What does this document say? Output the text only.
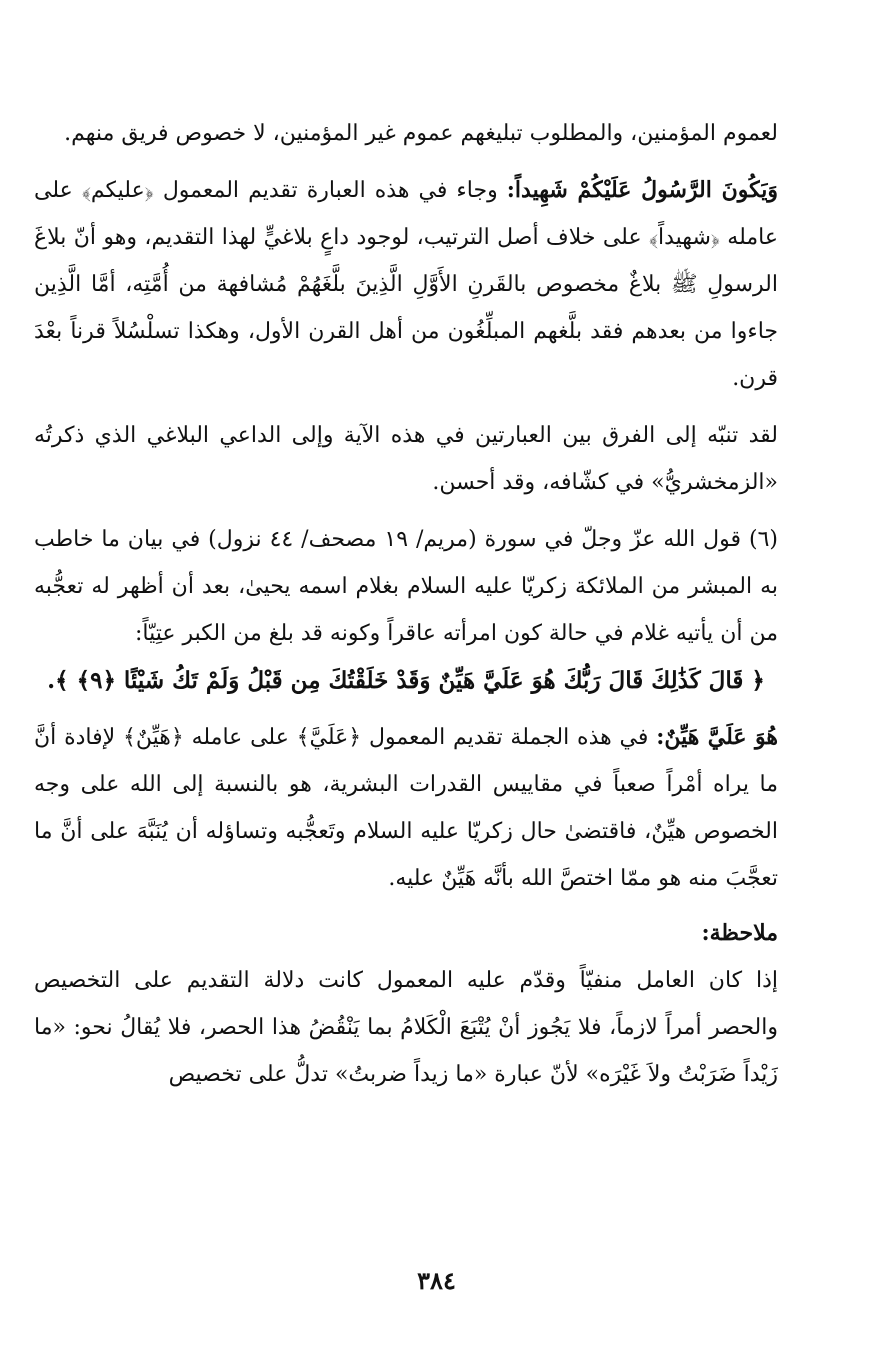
لعموم المؤمنين، والمطلوب تبليغهم عموم غير المؤمنين، لا خصوص فريق منهم.

وَيَكُونَ الرَّسُولُ عَلَيْكُمْ شَهِيداً: وجاء في هذه العبارة تقديم المعمول ﴿عليكم﴾ على عامله ﴿شهيداً﴾ على خلاف أصل الترتيب، لوجود داعٍ بلاغيٍّ لهذا التقديم، وهو أنّ بلاغَ الرسولِ ﷺ بلاغٌ مخصوص بالقَرنِ الأَوَّلِ الَّذِينَ بلَّغَهُمْ مُشافهة من أُمَّتِه، أمَّا الَّذِين جاءوا من بعدهم فقد بلَّغهم المبلِّغُون من أهل القرن الأول، وهكذا تسلْسُلاً قرناً بعْدَ قرن.

لقد تنبّه إلى الفرق بين العبارتين في هذه الآية وإلى الداعي البلاغي الذي ذكرتُه «الزمخشريُّ» في كشّافه، وقد أحسن.

(٦) قول الله عزّ وجلّ في سورة (مريم/ ١٩ مصحف/ ٤٤ نزول) في بيان ما خاطب به المبشر من الملائكة زكريّا عليه السلام بغلام اسمه يحيىٰ، بعد أن أظهر له تعجُّبه من أن يأتيه غلام في حالة كون امرأته عاقراً وكونه قد بلغ من الكبر عتِيّاً:

﴿ قَالَ كَذَٰلِكَ قَالَ رَبُّكَ هُوَ عَلَيَّ هَيِّنٌ وَقَدْ خَلَقْتُكَ مِن قَبْلُ وَلَمْ تَكُ شَيْئًا ﴿٩﴾ ﴾.

هُوَ عَلَيَّ هَيِّنٌ: في هذه الجملة تقديم المعمول ﴿عَلَيَّ﴾ على عامله ﴿هَيِّنٌ﴾ لإفادة أنَّ ما يراه أمْراً صعباً في مقاييس القدرات البشرية، هو بالنسبة إلى الله على وجه الخصوص هيِّنٌ، فاقتضىٰ حال زكريّا عليه السلام وتَعجُّبه وتساؤله أن يُنَبَّهَ على أنَّ ما تعجَّبَ منه هو ممّا اختصَّ الله بأنَّه هَيِّنٌ عليه.

ملاحظة:

إذا كان العامل منفيّاً وقدّم عليه المعمول كانت دلالة التقديم على التخصيص والحصر أمراً لازماً، فلا يَجُوز أنْ يُتْبَعَ الْكَلامُ بما يَنْقُضُ هذا الحصر، فلا يُقالُ نحو: «ما زَيْداً ضَرَبْتُ ولاَ غَيْرَه» لأنّ عبارة «ما زيداً ضربتُ» تدلُّ على تخصيص

٣٨٤
